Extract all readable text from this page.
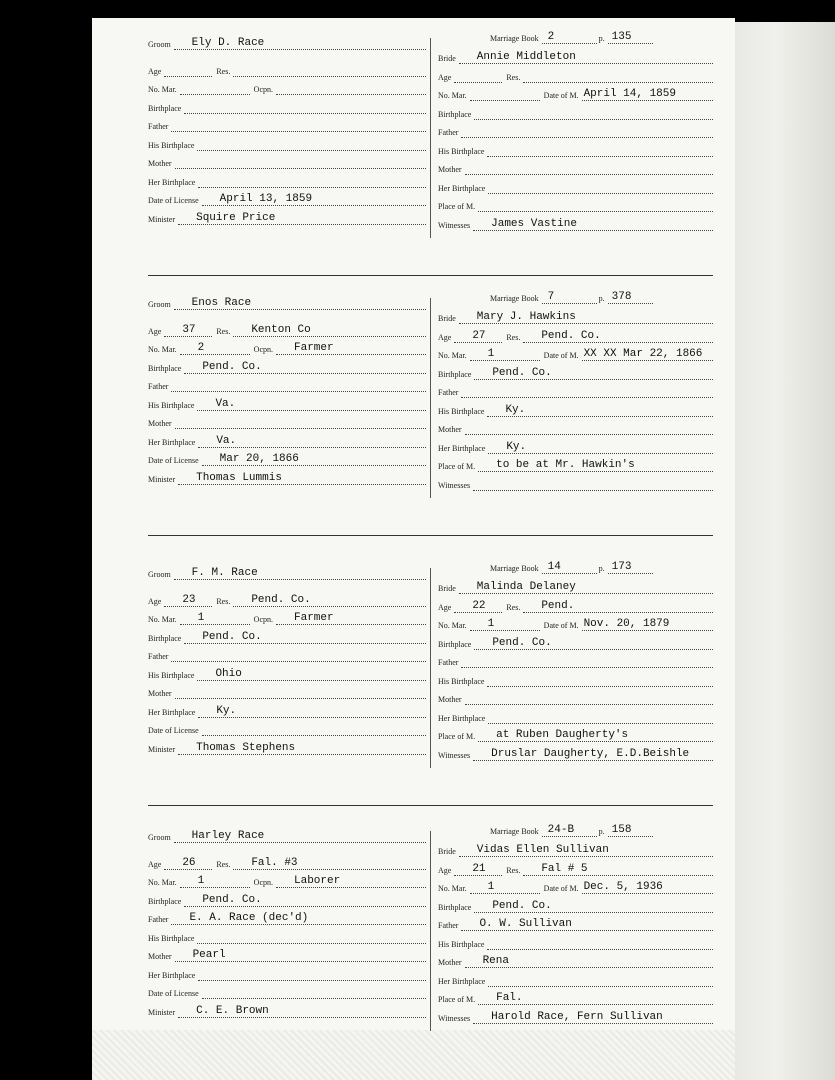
Groom Ely D. Race
Age	Res.
No. Mar.	Ocpn.
Birthplace
Father
His Birthplace
Mother
Her Birthplace
Date of License April 13, 1859
Minister Squire Price
Marriage Book 2	p. 135
Bride Annie Middleton
Age	Res.
No. Mar.	Date of M. April 14, 1859
Birthplace
Father
His Birthplace
Mother
Her Birthplace
Place of M.
Witnesses James Vastine
Groom Enos Race
Age 37	Res. Kenton Co
No. Mar. 2	Ocpn. Farmer
Birthplace Pend. Co.
Father
His Birthplace Va.
Mother
Her Birthplace Va.
Date of License Mar 20, 1866
Minister Thomas Lummis
Marriage Book 7	p. 378
Bride Mary J. Hawkins
Age 27	Res. Pend. Co.
No. Mar. 1	Date of M. XX XX Mar 22, 1866
Birthplace Pend. Co.
Father
His Birthplace Ky.
Mother
Her Birthplace Ky.
Place of M. to be at Mr. Hawkin's
Witnesses
Groom F. M. Race
Age 23	Res. Pend. Co.
No. Mar. 1	Ocpn. Farmer
Birthplace Pend. Co.
Father
His Birthplace Ohio
Mother
Her Birthplace Ky.
Date of License
Minister Thomas Stephens
Marriage Book 14	p. 173
Bride Malinda Delaney
Age 22	Res. Pend.
No. Mar. 1	Date of M. Nov. 20, 1879
Birthplace Pend. Co.
Father
His Birthplace
Mother
Her Birthplace
Place of M. at Ruben Daugherty's
Witnesses Druslar Daugherty, E.D.Beishle
Groom Harley Race
Age 26	Res. Fal. #3
No. Mar. 1	Ocpn. Laborer
Birthplace Pend. Co.
Father E. A. Race (dec'd)
His Birthplace
Mother Pearl
Her Birthplace
Date of License
Minister C. E. Brown
Marriage Book 24-B	p. 158
Bride Vidas Ellen Sullivan
Age 21	Res. Fal # 5
No. Mar. 1	Date of M. Dec. 5, 1936
Birthplace Pend. Co.
Father O. W. Sullivan
His Birthplace
Mother Rena
Her Birthplace
Place of M. Fal.
Witnesses Harold Race, Fern Sullivan
